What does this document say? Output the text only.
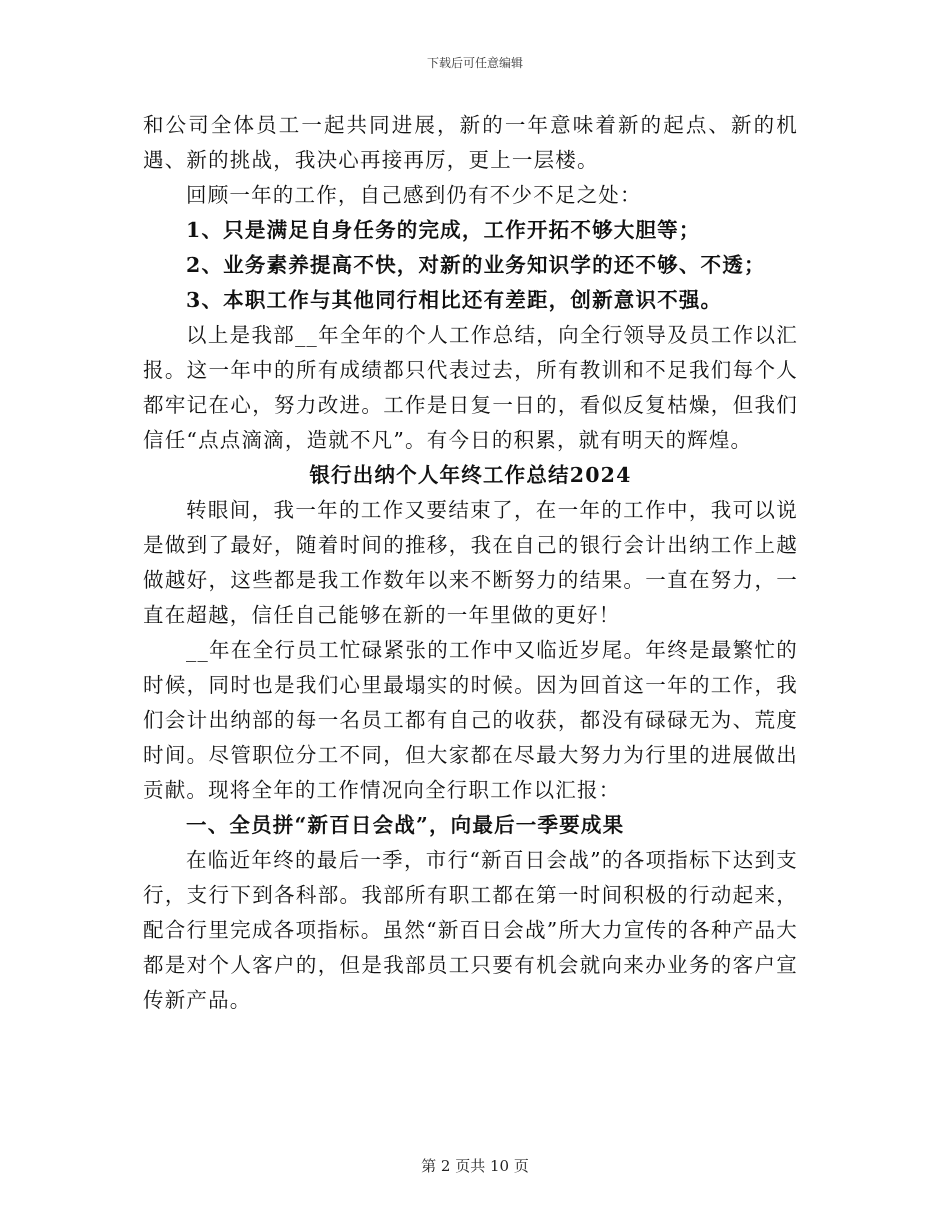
下载后可任意编辑

和公司全体员工一起共同进展，新的一年意味着新的起点、新的机遇、新的挑战，我决心再接再厉，更上一层楼。

回顾一年的工作，自己感到仍有不少不足之处：

1、只是满足自身任务的完成，工作开拓不够大胆等；

2、业务素养提高不快，对新的业务知识学的还不够、不透；

3、本职工作与其他同行相比还有差距，创新意识不强。

以上是我部__年全年的个人工作总结，向全行领导及员工作以汇报。这一年中的所有成绩都只代表过去，所有教训和不足我们每个人都牢记在心，努力改进。工作是日复一日的，看似反复枯燥，但我们信任“点点滴滴，造就不凡”。有今日的积累，就有明天的辉煌。

银行出纳个人年终工作总结2024

转眼间，我一年的工作又要结束了，在一年的工作中，我可以说是做到了最好，随着时间的推移，我在自己的银行会计出纳工作上越做越好，这些都是我工作数年以来不断努力的结果。一直在努力，一直在超越，信任自己能够在新的一年里做的更好！

__年在全行员工忙碌紧张的工作中又临近岁尾。年终是最繁忙的时候，同时也是我们心里最塌实的时候。因为回首这一年的工作，我们会计出纳部的每一名员工都有自己的收获，都没有碌碌无为、荒度时间。尽管职位分工不同，但大家都在尽最大努力为行里的进展做出贡献。现将全年的工作情况向全行职工作以汇报：

一、全员拼“新百日会战”，向最后一季要成果

在临近年终的最后一季，市行“新百日会战”的各项指标下达到支行，支行下到各科部。我部所有职工都在第一时间积极的行动起来，配合行里完成各项指标。虽然“新百日会战”所大力宣传的各种产品大都是对个人客户的，但是我部员工只要有机会就向来办业务的客户宣传新产品。

第 2 页共 10 页
